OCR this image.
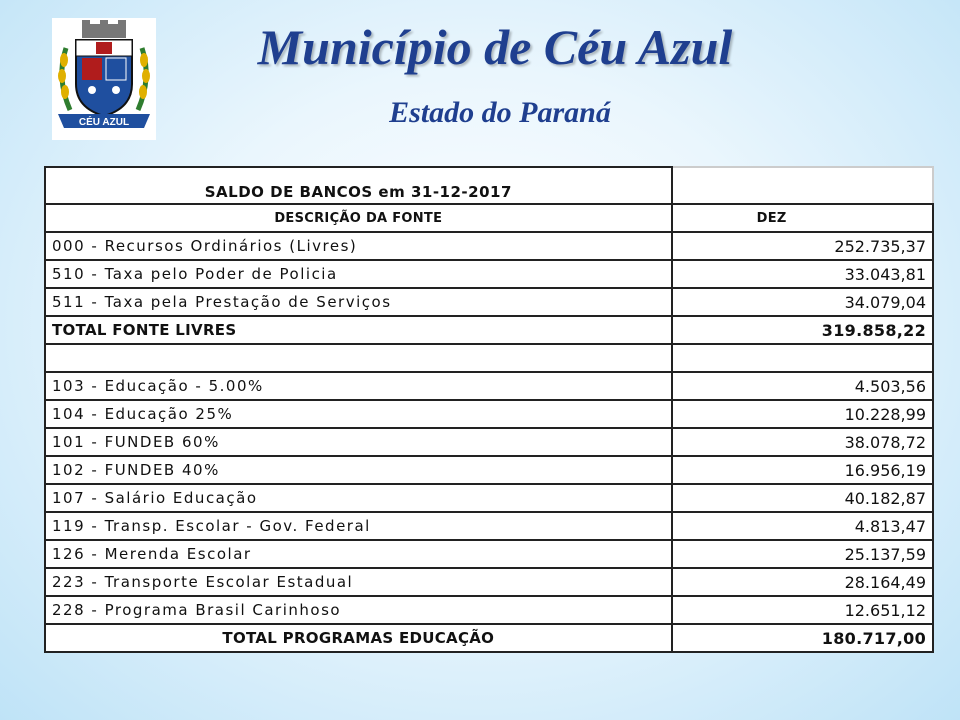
CÉU AZUL
Município de Céu Azul
Estado do Paraná
SALDO DE BANCOS em 31-12-2017	
DESCRIÇÃO DA FONTE	DEZ
000 - Recursos Ordinários (Livres)	252.735,37
510 - Taxa pelo Poder de Policia	33.043,81
511 - Taxa pela Prestação de Serviços	34.079,04
TOTAL FONTE LIVRES	319.858,22

103 - Educação - 5.00%	4.503,56
104 - Educação 25%	10.228,99
101 - FUNDEB 60%	38.078,72
102 - FUNDEB 40%	16.956,19
107 - Salário Educação	40.182,87
119 - Transp. Escolar - Gov. Federal	4.813,47
126 - Merenda Escolar	25.137,59
223 - Transporte Escolar Estadual	28.164,49
228 - Programa Brasil Carinhoso	12.651,12
TOTAL PROGRAMAS EDUCAÇÃO	180.717,00
